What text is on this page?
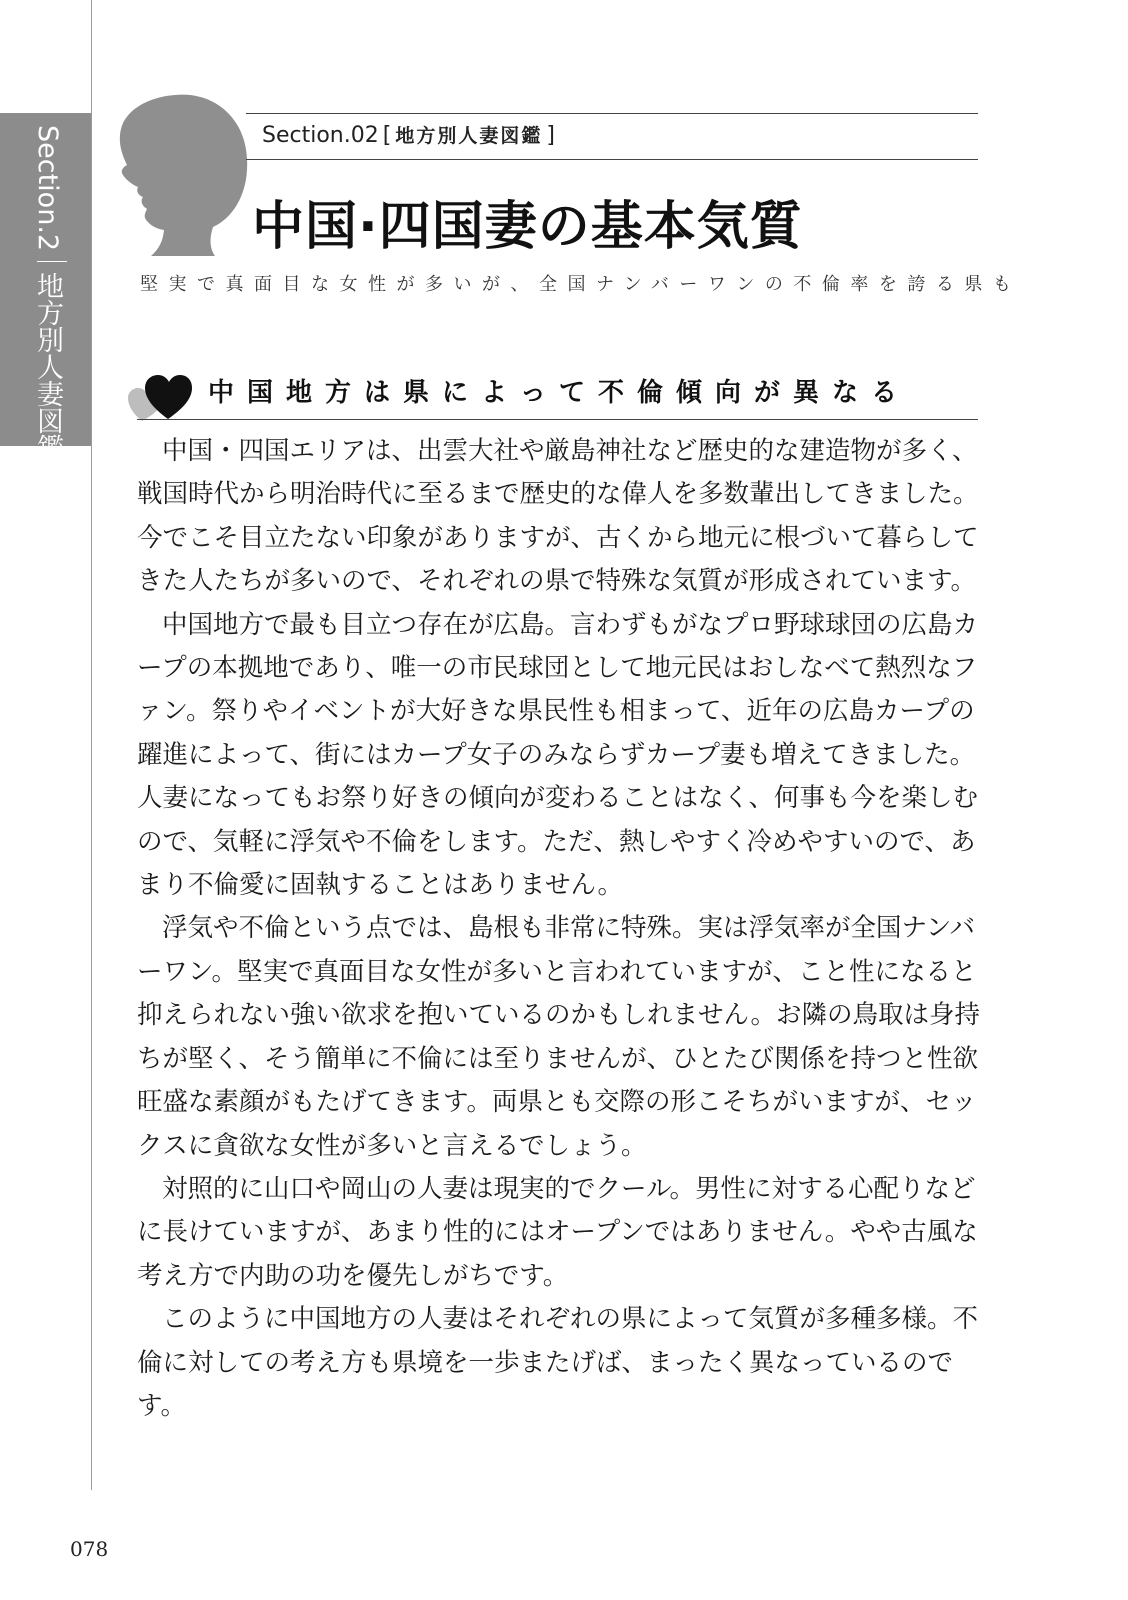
Section.2地方別人妻図鑑
Section.02 [ 地方別人妻図鑑 ]
中国·四国妻の基本気質
堅実で真面目な女性が多いが、全国ナンバーワンの不倫率を誇る県も
中国地方は県によって不倫傾向が異なる

中国・四国エリアは、出雲大社や厳島神社など歴史的な建造物が多く、戦国時代から明治時代に至るまで歴史的な偉人を多数輩出してきました。今でこそ目立たない印象がありますが、古くから地元に根づいて暮らしてきた人たちが多いので、それぞれの県で特殊な気質が形成されています。

中国地方で最も目立つ存在が広島。言わずもがなプロ野球球団の広島カープの本拠地であり、唯一の市民球団として地元民はおしなべて熱烈なファン。祭りやイベントが大好きな県民性も相まって、近年の広島カープの躍進によって、街にはカープ女子のみならずカープ妻も増えてきました。人妻になってもお祭り好きの傾向が変わることはなく、何事も今を楽しむので、気軽に浮気や不倫をします。ただ、熱しやすく冷めやすいので、あまり不倫愛に固執することはありません。

浮気や不倫という点では、島根も非常に特殊。実は浮気率が全国ナンバーワン。堅実で真面目な女性が多いと言われていますが、こと性になると抑えられない強い欲求を抱いているのかもしれません。お隣の鳥取は身持ちが堅く、そう簡単に不倫には至りませんが、ひとたび関係を持つと性欲旺盛な素顔がもたげてきます。両県とも交際の形こそちがいますが、セックスに貪欲な女性が多いと言えるでしょう。

対照的に山口や岡山の人妻は現実的でクール。男性に対する心配りなどに長けていますが、あまり性的にはオープンではありません。やや古風な考え方で内助の功を優先しがちです。

このように中国地方の人妻はそれぞれの県によって気質が多種多様。不倫に対しての考え方も県境を一歩またげば、まったく異なっているのです。

078
